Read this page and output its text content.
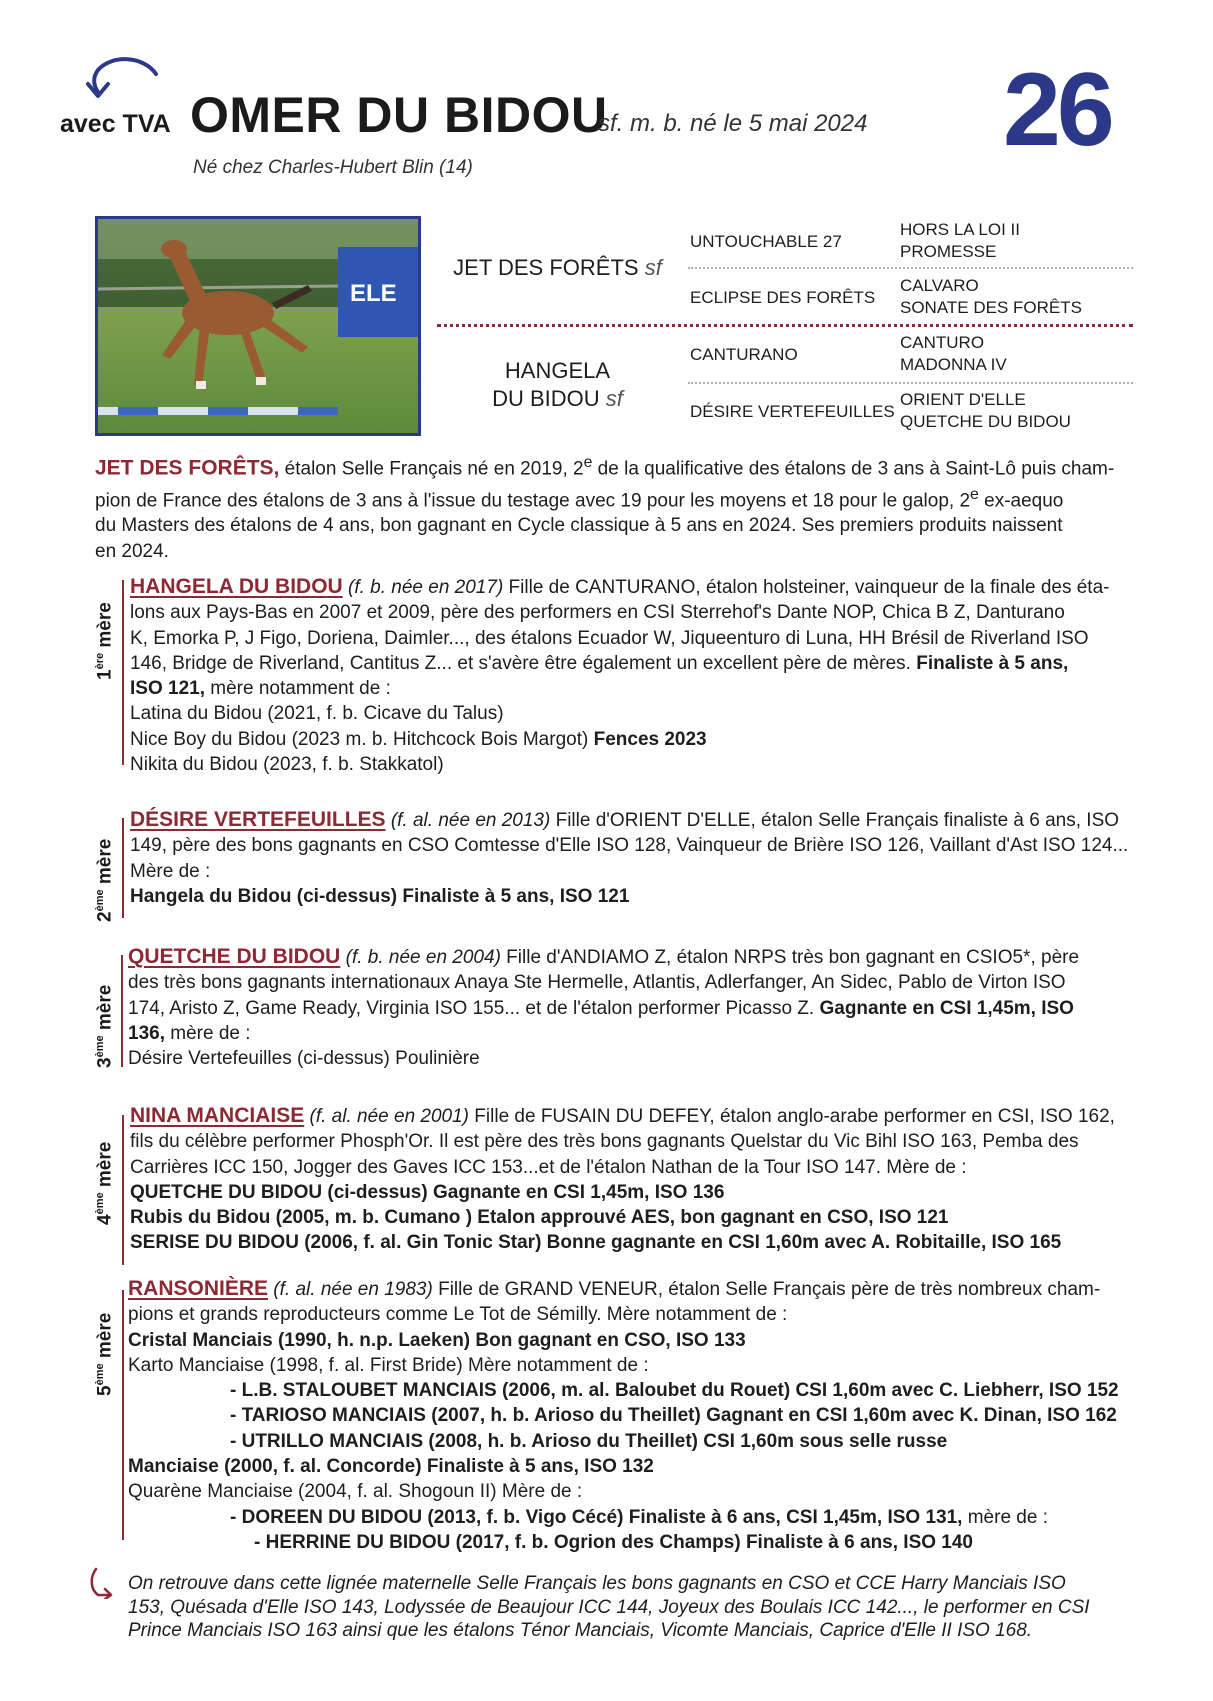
avec TVA OMER DU BIDOU
sf. m. b. né le 5 mai 2024
Né chez Charles-Hubert Blin (14)	26
ELE
JET DES FORÊTS sf
HANGELA
DU BIDOU sf
UNTOUCHABLE 27
ECLIPSE DES FORÊTS
CANTURANO
DÉSIRE VERTEFEUILLES
HORS LA LOI II
PROMESSE
CALVARO
SONATE DES FORÊTS
CANTURO
MADONNA IV
ORIENT D'ELLE
QUETCHE DU BIDOU
JET DES FORÊTS, étalon Selle Français né en 2019, 2e de la qualificative des étalons de 3 ans à Saint-Lô puis cham-
pion de France des étalons de 3 ans à l'issue du testage avec 19 pour les moyens et 18 pour le galop, 2e ex-aequo
du Masters des étalons de 4 ans, bon gagnant en Cycle classique à 5 ans en 2024. Ses premiers produits naissent
en 2024.
1ère mère
HANGELA DU BIDOU (f. b. née en 2017) Fille de CANTURANO, étalon holsteiner, vainqueur de la finale des éta-
lons aux Pays-Bas en 2007 et 2009, père des performers en CSI Sterrehof's Dante NOP, Chica B Z, Danturano
K, Emorka P, J Figo, Doriena, Daimler..., des étalons Ecuador W, Jiqueenturo di Luna, HH Brésil de Riverland ISO
146, Bridge de Riverland, Cantitus Z... et s'avère être également un excellent père de mères. Finaliste à 5 ans,
ISO 121, mère notamment de :
Latina du Bidou (2021, f. b. Cicave du Talus)
Nice Boy du Bidou (2023 m. b. Hitchcock Bois Margot) Fences 2023
Nikita du Bidou (2023, f. b. Stakkatol)
2ème mère
DÉSIRE VERTEFEUILLES (f. al. née en 2013) Fille d'ORIENT D'ELLE, étalon Selle Français finaliste à 6 ans, ISO
149, père des bons gagnants en CSO Comtesse d'Elle ISO 128, Vainqueur de Brière ISO 126, Vaillant d'Ast ISO 124...
Mère de :
Hangela du Bidou (ci-dessus) Finaliste à 5 ans, ISO 121
3ème mère
QUETCHE DU BIDOU (f. b. née en 2004) Fille d'ANDIAMO Z, étalon NRPS très bon gagnant en CSIO5*, père
des très bons gagnants internationaux Anaya Ste Hermelle, Atlantis, Adlerfanger, An Sidec, Pablo de Virton ISO
174, Aristo Z, Game Ready, Virginia ISO 155... et de l'étalon performer Picasso Z. Gagnante en CSI 1,45m, ISO
136, mère de :
Désire Vertefeuilles (ci-dessus) Poulinière
4ème mère
NINA MANCIAISE (f. al. née en 2001) Fille de FUSAIN DU DEFEY, étalon anglo-arabe performer en CSI, ISO 162,
fils du célèbre performer Phosph'Or. Il est père des très bons gagnants Quelstar du Vic Bihl ISO 163, Pemba des
Carrières ICC 150, Jogger des Gaves ICC 153...et de l'étalon Nathan de la Tour ISO 147. Mère de :
QUETCHE DU BIDOU (ci-dessus) Gagnante en CSI 1,45m, ISO 136
Rubis du Bidou (2005, m. b. Cumano ) Etalon approuvé AES, bon gagnant en CSO, ISO 121
SERISE DU BIDOU (2006, f. al. Gin Tonic Star) Bonne gagnante en CSI 1,60m avec A. Robitaille, ISO 165
5ème mère
RANSONIÈRE (f. al. née en 1983) Fille de GRAND VENEUR, étalon Selle Français père de très nombreux cham-
pions et grands reproducteurs comme Le Tot de Sémilly. Mère notamment de :
Cristal Manciais (1990, h. n.p. Laeken) Bon gagnant en CSO, ISO 133
Karto Manciaise (1998, f. al. First Bride) Mère notamment de :
- L.B. STALOUBET MANCIAIS (2006, m. al. Baloubet du Rouet) CSI 1,60m avec C. Liebherr, ISO 152
- TARIOSO MANCIAIS (2007, h. b. Arioso du Theillet) Gagnant en CSI 1,60m avec K. Dinan, ISO 162
- UTRILLO MANCIAIS (2008, h. b. Arioso du Theillet) CSI 1,60m sous selle russe
Manciaise (2000, f. al. Concorde) Finaliste à 5 ans, ISO 132
Quarène Manciaise (2004, f. al. Shogoun II) Mère de :
- DOREEN DU BIDOU (2013, f. b. Vigo Cécé) Finaliste à 6 ans, CSI 1,45m, ISO 131, mère de :
- HERRINE DU BIDOU (2017, f. b. Ogrion des Champs) Finaliste à 6 ans, ISO 140
On retrouve dans cette lignée maternelle Selle Français les bons gagnants en CSO et CCE Harry Manciais ISO
153, Quésada d'Elle ISO 143, Lodyssée de Beaujour ICC 144, Joyeux des Boulais ICC 142..., le performer en CSI
Prince Manciais ISO 163 ainsi que les étalons Ténor Manciais, Vicomte Manciais, Caprice d'Elle II ISO 168.
